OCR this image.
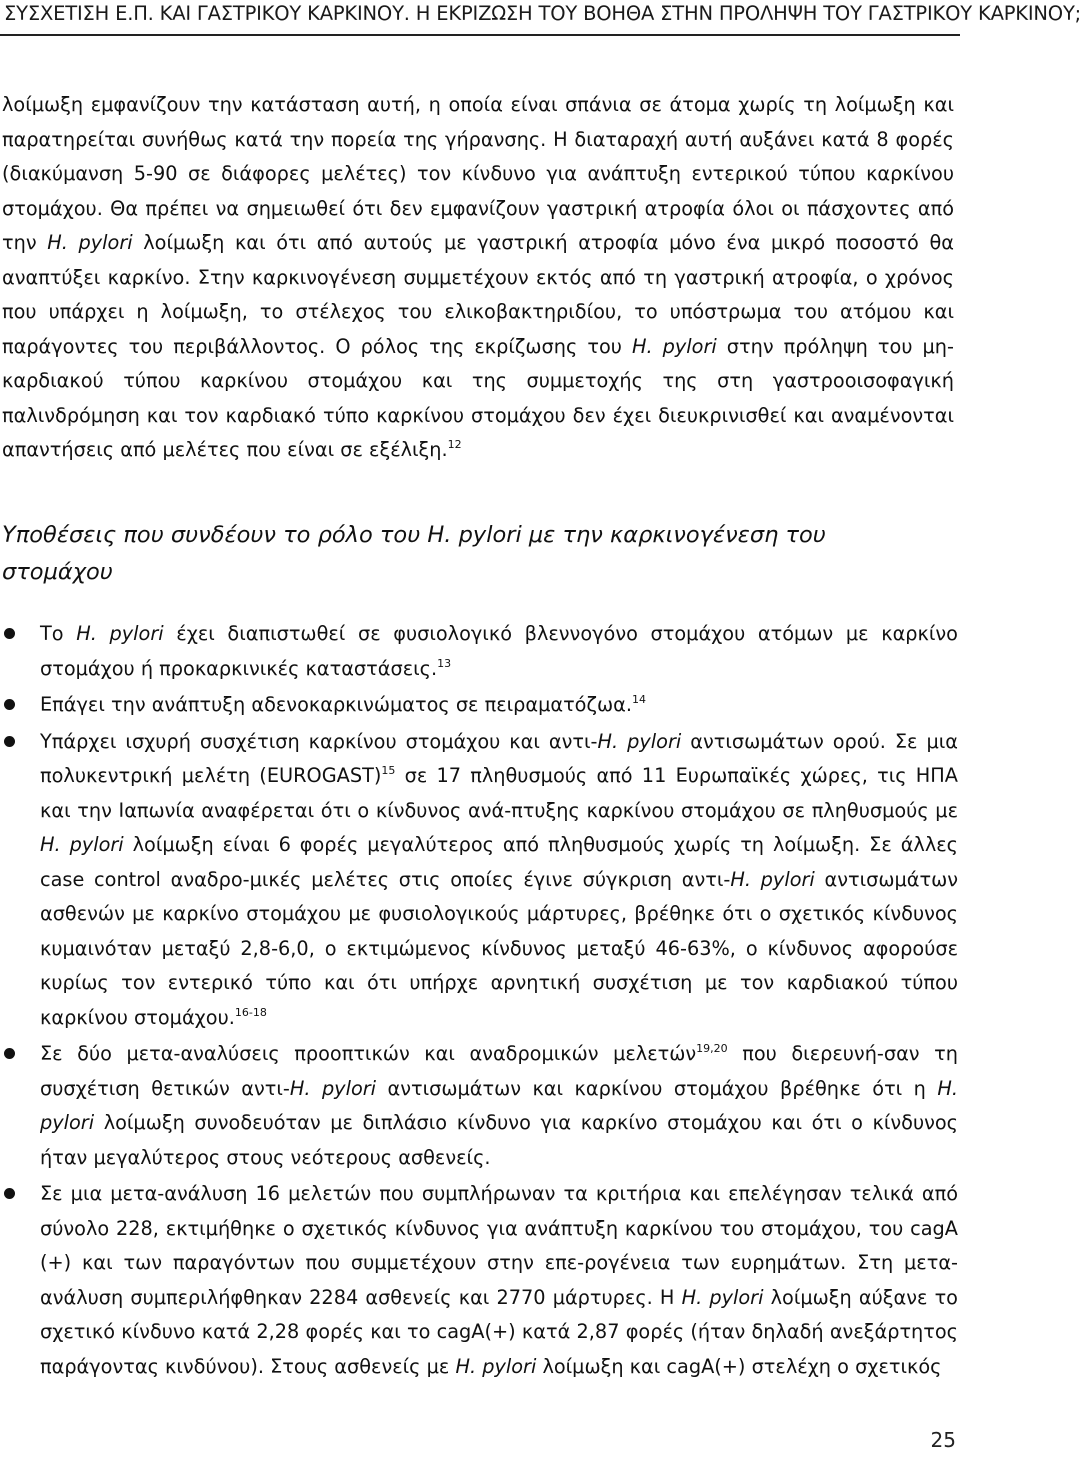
ΣΥΣΧΕΤΙΣΗ Ε.Π. ΚΑΙ ΓΑΣΤΡΙΚΟΥ ΚΑΡΚΙΝΟΥ. Η ΕΚΡΙΖΩΣΗ ΤΟΥ ΒΟΗΘΑ ΣΤΗΝ ΠΡΟΛΗΨΗ ΤΟΥ ΓΑΣΤΡΙΚΟΥ ΚΑΡΚΙΝΟΥ;

λοίμωξη εμφανίζουν την κατάσταση αυτή, η οποία είναι σπάνια σε άτομα χωρίς τη λοίμωξη και παρατηρείται συνήθως κατά την πορεία της γήρανσης. Η διαταραχή αυτή αυξάνει κατά 8 φορές (διακύμανση 5-90 σε διάφορες μελέτες) τον κίνδυνο για ανάπτυξη εντερικού τύπου καρκίνου στομάχου. Θα πρέπει να σημειωθεί ότι δεν εμφανίζουν γαστρική ατροφία όλοι οι πάσχοντες από την H. pylori λοίμωξη και ότι από αυτούς με γαστρική ατροφία μόνο ένα μικρό ποσοστό θα αναπτύξει καρκίνο. Στην καρκινογένεση συμμετέχουν εκτός από τη γαστρική ατροφία, ο χρόνος που υπάρχει η λοίμωξη, το στέλεχος του ελικοβακτηριδίου, το υπόστρωμα του ατόμου και παράγοντες του περιβάλλοντος. Ο ρόλος της εκρίζωσης του H. pylori στην πρόληψη του μη-καρδιακού τύπου καρκίνου στομάχου και της συμμετοχής της στη γαστροοισοφαγική παλινδρόμηση και τον καρδιακό τύπο καρκίνου στομάχου δεν έχει διευκρινισθεί και αναμένονται απαντήσεις από μελέτες που είναι σε εξέλιξη.$^{12}$

Υποθέσεις που συνδέουν το ρόλο του H. pylori με την καρκινογένεση του στομάχου
Το H. pylori έχει διαπιστωθεί σε φυσιολογικό βλεννογόνο στομάχου ατόμων με καρκίνο στομάχου ή προκαρκινικές καταστάσεις.$^{13}$
Επάγει την ανάπτυξη αδενοκαρκινώματος σε πειραματόζωα.$^{14}$
Υπάρχει ισχυρή συσχέτιση καρκίνου στομάχου και αντι-H. pylori αντισωμάτων ορού. Σε μια πολυκεντρική μελέτη (EUROGAST)$^{15}$ σε 17 πληθυσμούς από 11 Ευρωπαϊκές χώρες, τις ΗΠΑ και την Ιαπωνία αναφέρεται ότι ο κίνδυνος ανά-πτυξης καρκίνου στομάχου σε πληθυσμούς με H. pylori λοίμωξη είναι 6 φορές μεγαλύτερος από πληθυσμούς χωρίς τη λοίμωξη. Σε άλλες case control αναδρο-μικές μελέτες στις οποίες έγινε σύγκριση αντι-H. pylori αντισωμάτων ασθενών με καρκίνο στομάχου με φυσιολογικούς μάρτυρες, βρέθηκε ότι ο σχετικός κίνδυνος κυμαινόταν μεταξύ 2,8-6,0, ο εκτιμώμενος κίνδυνος μεταξύ 46-63%, ο κίνδυνος αφορούσε κυρίως τον εντερικό τύπο και ότι υπήρχε αρνητική συσχέτιση με τον καρδιακού τύπου καρκίνου στομάχου.$^{16-18}$
Σε δύο μετα-αναλύσεις προοπτικών και αναδρομικών μελετών$^{19,20}$ που διερευνή-σαν τη συσχέτιση θετικών αντι-H. pylori αντισωμάτων και καρκίνου στομάχου βρέθηκε ότι η H. pylori λοίμωξη συνοδευόταν με διπλάσιο κίνδυνο για καρκίνο στομάχου και ότι ο κίνδυνος ήταν μεγαλύτερος στους νεότερους ασθενείς.
Σε μια μετα-ανάλυση 16 μελετών που συμπλήρωναν τα κριτήρια και επελέγησαν τελικά από σύνολο 228, εκτιμήθηκε ο σχετικός κίνδυνος για ανάπτυξη καρκίνου του στομάχου, του cagA (+) και των παραγόντων που συμμετέχουν στην επε-ρογένεια των ευρημάτων. Στη μετα-ανάλυση συμπεριλήφθηκαν 2284 ασθενείς και 2770 μάρτυρες. Η H. pylori λοίμωξη αύξανε το σχετικό κίνδυνο κατά 2,28 φορές και το cagA(+) κατά 2,87 φορές (ήταν δηλαδή ανεξάρτητος παράγοντας κινδύνου). Στους ασθενείς με H. pylori λοίμωξη και cagA(+) στελέχη ο σχετικός
25
